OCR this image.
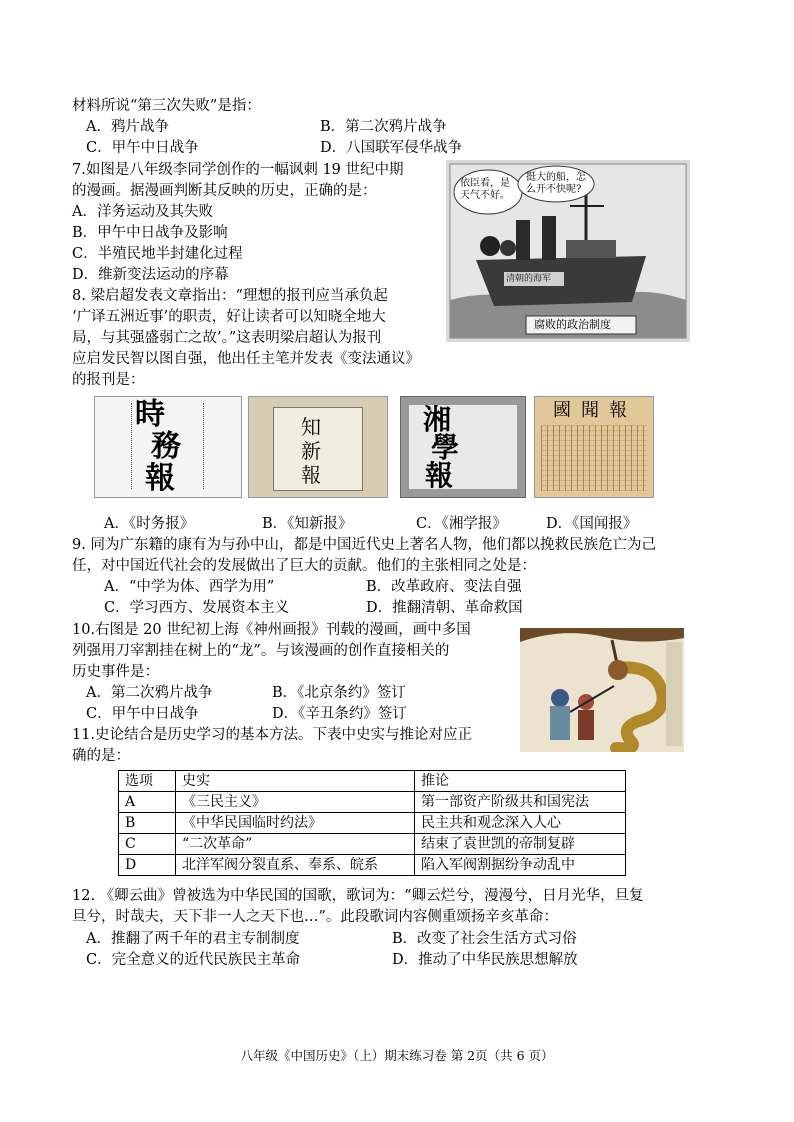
材料所说“第三次失败”是指：
A．鸦片战争	B．第二次鸦片战争
C．甲午中日战争	D．八国联军侵华战争
7.如图是八年级李同学创作的一幅讽刺 19 世纪中期
的漫画。据漫画判断其反映的历史，正确的是：
A．洋务运动及其失败
B．甲午中日战争及影响
C．半殖民地半封建化过程
D．维新变法运动的序幕
依臣看，是天气不好。
挺大的船，怎么开不快呢?
清朝的海军
腐败的政治制度
8. 梁启超发表文章指出：“理想的报刊应当承负起
‘广译五洲近事’的职责，好让读者可以知晓全地大
局，与其强盛弱亡之故’。”这表明梁启超认为报刊
应启发民智以图自强，他出任主笔并发表《变法通议》
的报刊是：
時
務
報
知
新
報
湘
學
報
國 聞 報
A．《时务报》	B．《知新报》	C．《湘学报》	D．《国闻报》
9. 同为广东籍的康有为与孙中山，都是中国近代史上著名人物，他们都以挽救民族危亡为己
任，对中国近代社会的发展做出了巨大的贡献。他们的主张相同之处是：
A．“中学为体、西学为用”	B．改革政府、变法自强
C．学习西方、发展资本主义	D．推翻清朝、革命救国
10.右图是 20 世纪初上海《神州画报》刊载的漫画，画中多国
列强用刀宰割挂在树上的“龙”。与该漫画的创作直接相关的
历史事件是：
A．第二次鸦片战争	B．《北京条约》签订
C．甲午中日战争	D．《辛丑条约》签订
11.史论结合是历史学习的基本方法。下表中史实与推论对应正
确的是：
选项	史实	推论
A	《三民主义》	第一部资产阶级共和国宪法
B	《中华民国临时约法》	民主共和观念深入人心
C	“二次革命”	结束了袁世凯的帝制复辟
D	北洋军阀分裂直系、奉系、皖系	陷入军阀割据纷争动乱中
12. 《卿云曲》曾被选为中华民国的国歌，歌词为：“卿云烂兮，漫漫兮，日月光华，旦复
旦兮，时哉夫，天下非一人之天下也…”。此段歌词内容侧重颂扬辛亥革命：
A．推翻了两千年的君主专制制度	B．改变了社会生活方式习俗
C．完全意义的近代民族民主革命	D．推动了中华民族思想解放
八年级《中国历史》（上）期末练习卷 第 2页（共 6 页）
